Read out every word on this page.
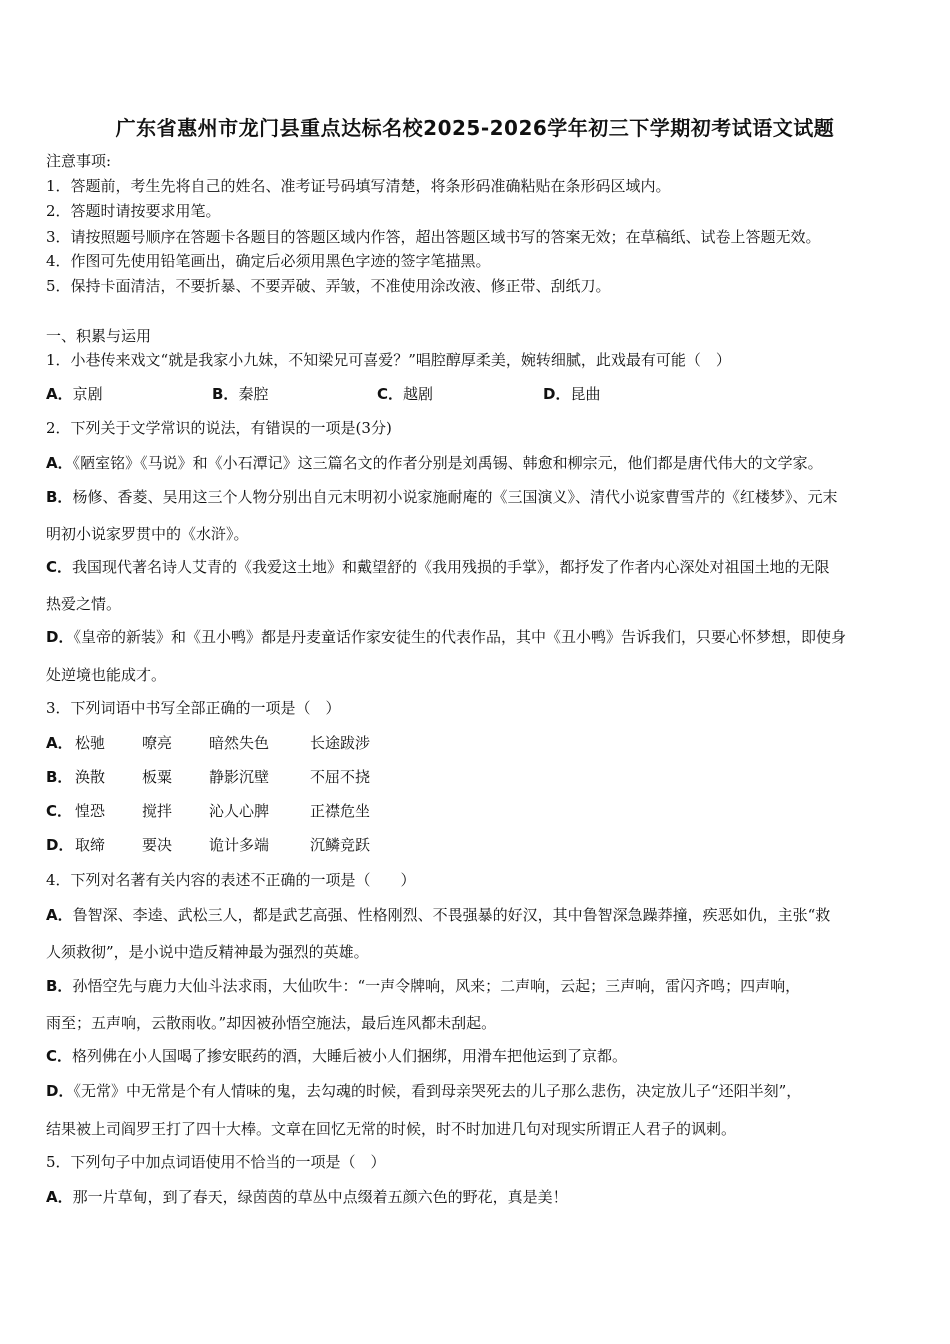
广东省惠州市龙门县重点达标名校2025-2026学年初三下学期初考试语文试题
注意事项:
1．答题前，考生先将自己的姓名、准考证号码填写清楚，将条形码准确粘贴在条形码区域内。
2．答题时请按要求用笔。
3．请按照题号顺序在答题卡各题目的答题区域内作答，超出答题区域书写的答案无效；在草稿纸、试卷上答题无效。
4．作图可先使用铅笔画出，确定后必须用黑色字迹的签字笔描黑。
5．保持卡面清洁，不要折暴、不要弄破、弄皱，不准使用涂改液、修正带、刮纸刀。
一、积累与运用
1．小巷传来戏文“就是我家小九妹，不知梁兄可喜爱？”唱腔醇厚柔美，婉转细腻，此戏最有可能（　）
A．京剧	B．秦腔	C．越剧	D．昆曲
2．下列关于文学常识的说法，有错误的一项是(3分)
A．《陋室铭》《马说》和《小石潭记》这三篇名文的作者分别是刘禹锡、韩愈和柳宗元，他们都是唐代伟大的文学家。
B．杨修、香菱、吴用这三个人物分别出自元末明初小说家施耐庵的《三国演义》、清代小说家曹雪芹的《红楼梦》、元末
明初小说家罗贯中的《水浒》。
C．我国现代著名诗人艾青的《我爱这土地》和戴望舒的《我用残损的手掌》，都抒发了作者内心深处对祖国土地的无限
热爱之情。
D．《皇帝的新装》和《丑小鸭》都是丹麦童话作家安徒生的代表作品，其中《丑小鸭》告诉我们，只要心怀梦想，即使身
处逆境也能成才。
3．下列词语中书写全部正确的一项是（　）
A． 松驰 嘹亮 暗然失色	长途跋涉
B． 涣散 板粟 静影沉壁	不屈不挠
C． 惶恐 搅拌 沁人心脾	正襟危坐
D． 取缔 要决 诡计多端	沉鳞竞跃
4．下列对名著有关内容的表述不正确的一项是（　　）
A．鲁智深、李逵、武松三人，都是武艺高强、性格刚烈、不畏强暴的好汉，其中鲁智深急躁莽撞，疾恶如仇，主张“救
人须救彻”，是小说中造反精神最为强烈的英雄。
B．孙悟空先与鹿力大仙斗法求雨，大仙吹牛：“一声令牌响，风来；二声响，云起；三声响，雷闪齐鸣；四声响，
雨至；五声响，云散雨收。”却因被孙悟空施法，最后连风都未刮起。
C．格列佛在小人国喝了掺安眠药的酒，大睡后被小人们捆绑，用滑车把他运到了京都。
D．《无常》中无常是个有人情味的鬼，去勾魂的时候，看到母亲哭死去的儿子那么悲伤，决定放儿子“还阳半刻”，
结果被上司阎罗王打了四十大棒。文章在回忆无常的时候，时不时加进几句对现实所谓正人君子的讽刺。
5．下列句子中加点词语使用不恰当的一项是（　）
A．那一片草甸，到了春天，绿茵茵的草丛中点缀着五颜六色的野花，真是美！
